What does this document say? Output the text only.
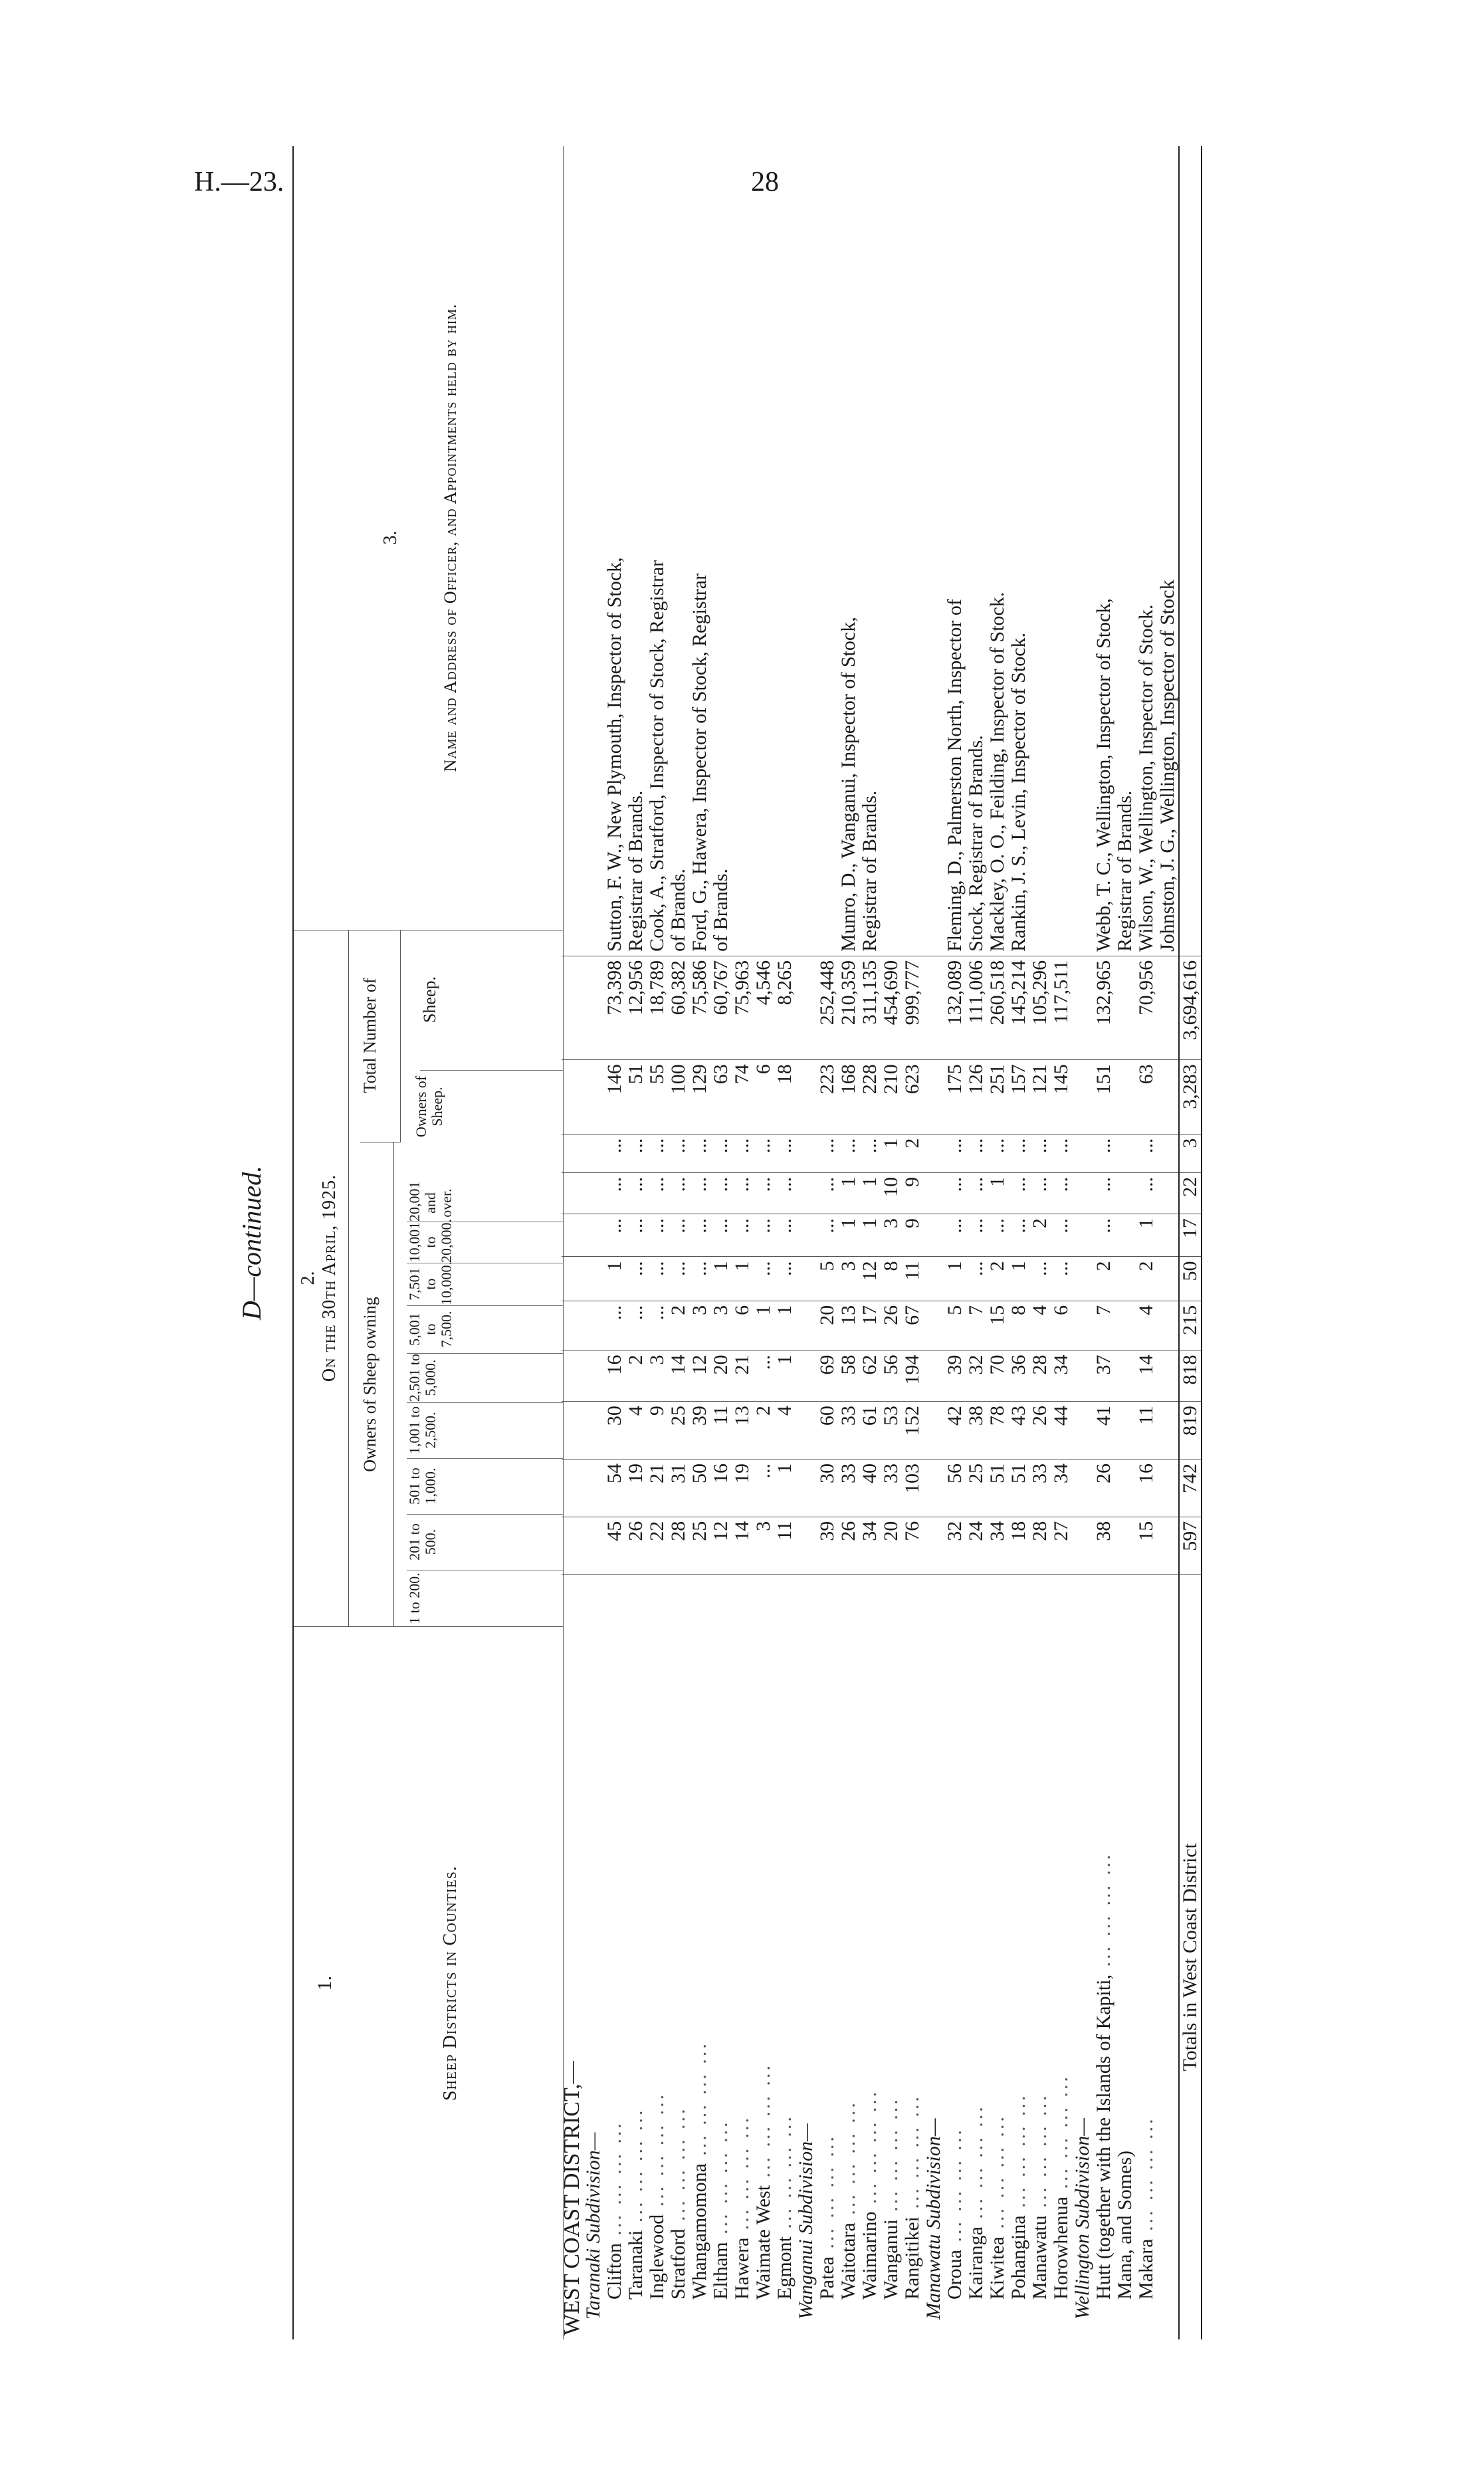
H.—23.	28
D—continued.
1.	Sheep Districts in Counties.
2. On the 30th April, 1925.
Owners of Sheep owning
Total Number of
1 to 200.
201 to 500.
501 to 1,000.
1,001 to 2,500.
2,501 to 5,000.
5,001 to 7,500.
7,501 to 10,000.
10,001 to 20,000.
20,001 and over.
Owners of Sheep.
Sheep.
3. Name and Address of Officer, and Appointments held by him.
WEST COAST DISTRICT,—												
Taranaki Subdivision—												
Clifton ... ... ... ...	45	54	30	16	...	1	...	...	...	146	73,398	Sutton, F. W., New Plymouth, Inspector of Stock,
Taranaki ... ... ... ...	26	19	4	2	...	...	...	...	...	51	12,956	Registrar of Brands.
Inglewood ... ... ... ...	22	21	9	3	...	...	...	...	...	55	18,789	Cook, A., Stratford, Inspector of Stock, Registrar
Stratford ... ... ... ...	28	31	25	14	2	...	...	...	...	100	60,382	of Brands.
Whangamomona ... ... ... ...	25	50	39	12	3	...	...	...	...	129	75,586	Ford, G., Hawera, Inspector of Stock, Registrar
Eltham ... ... ... ...	12	16	11	20	3	1	...	...	...	63	60,767	of Brands.
Hawera ... ... ... ...	14	19	13	21	6	1	...	...	...	74	75,963	
Waimate West ... ... ... ...	3	...	2	...	1	...	...	...	...	6	4,546	
Egmont ... ... ... ...	11	1	4	1	1	...	...	...	...	18	8,265	
Wanganui Subdivision—												
Patea ... ... ... ...	39	30	60	69	20	5	...	...	...	223	252,448	
Waitotara ... ... ... ...	26	33	33	58	13	3	1	1	...	168	210,359	Munro, D., Wanganui, Inspector of Stock,
Waimarino ... ... ... ...	34	40	61	62	17	12	1	1	...	228	311,135	Registrar of Brands.
Wanganui ... ... ... ...	20	33	53	56	26	8	3	10	1	210	454,690	
Rangitikei ... ... ... ...	76	103	152	194	67	11	9	9	2	623	999,777	
Manawatu Subdivision—												
Oroua ... ... ... ...	32	56	42	39	5	1	...	...	...	175	132,089	Fleming, D., Palmerston North, Inspector of
Kairanga ... ... ... ...	24	25	38	32	7	...	...	...	...	126	111,006	Stock, Registrar of Brands.
Kiwitea ... ... ... ...	34	51	78	70	15	2	...	1	...	251	260,518	Mackley, O. O., Feilding, Inspector of Stock.
Pohangina ... ... ... ...	18	51	43	36	8	1	...	...	...	157	145,214	Rankin, J. S., Levin, Inspector of Stock.
Manawatu ... ... ... ...	28	33	26	28	4	...	2	...	...	121	105,296	
Horowhenua ... ... ... ...	27	34	44	34	6	...	...	...	...	145	117,511	
Wellington Subdivision—												
Hutt (together with the Islands of Kapiti, ... ... ... ...	38	26	41	37	7	2	...	...	...	151	132,965	Webb, T. C., Wellington, Inspector of Stock,
Mana, and Somes)												Registrar of Brands.
Makara ... ... ... ...	15	16	11	14	4	2	1	...	...	63	70,956	Wilson, W., Wellington, Inspector of Stock.
												Johnston, J. G., Wellington, Inspector of Stock
Totals in West Coast District	597	742	819	818	215	50	17	22	3	3,283	3,694,616	
